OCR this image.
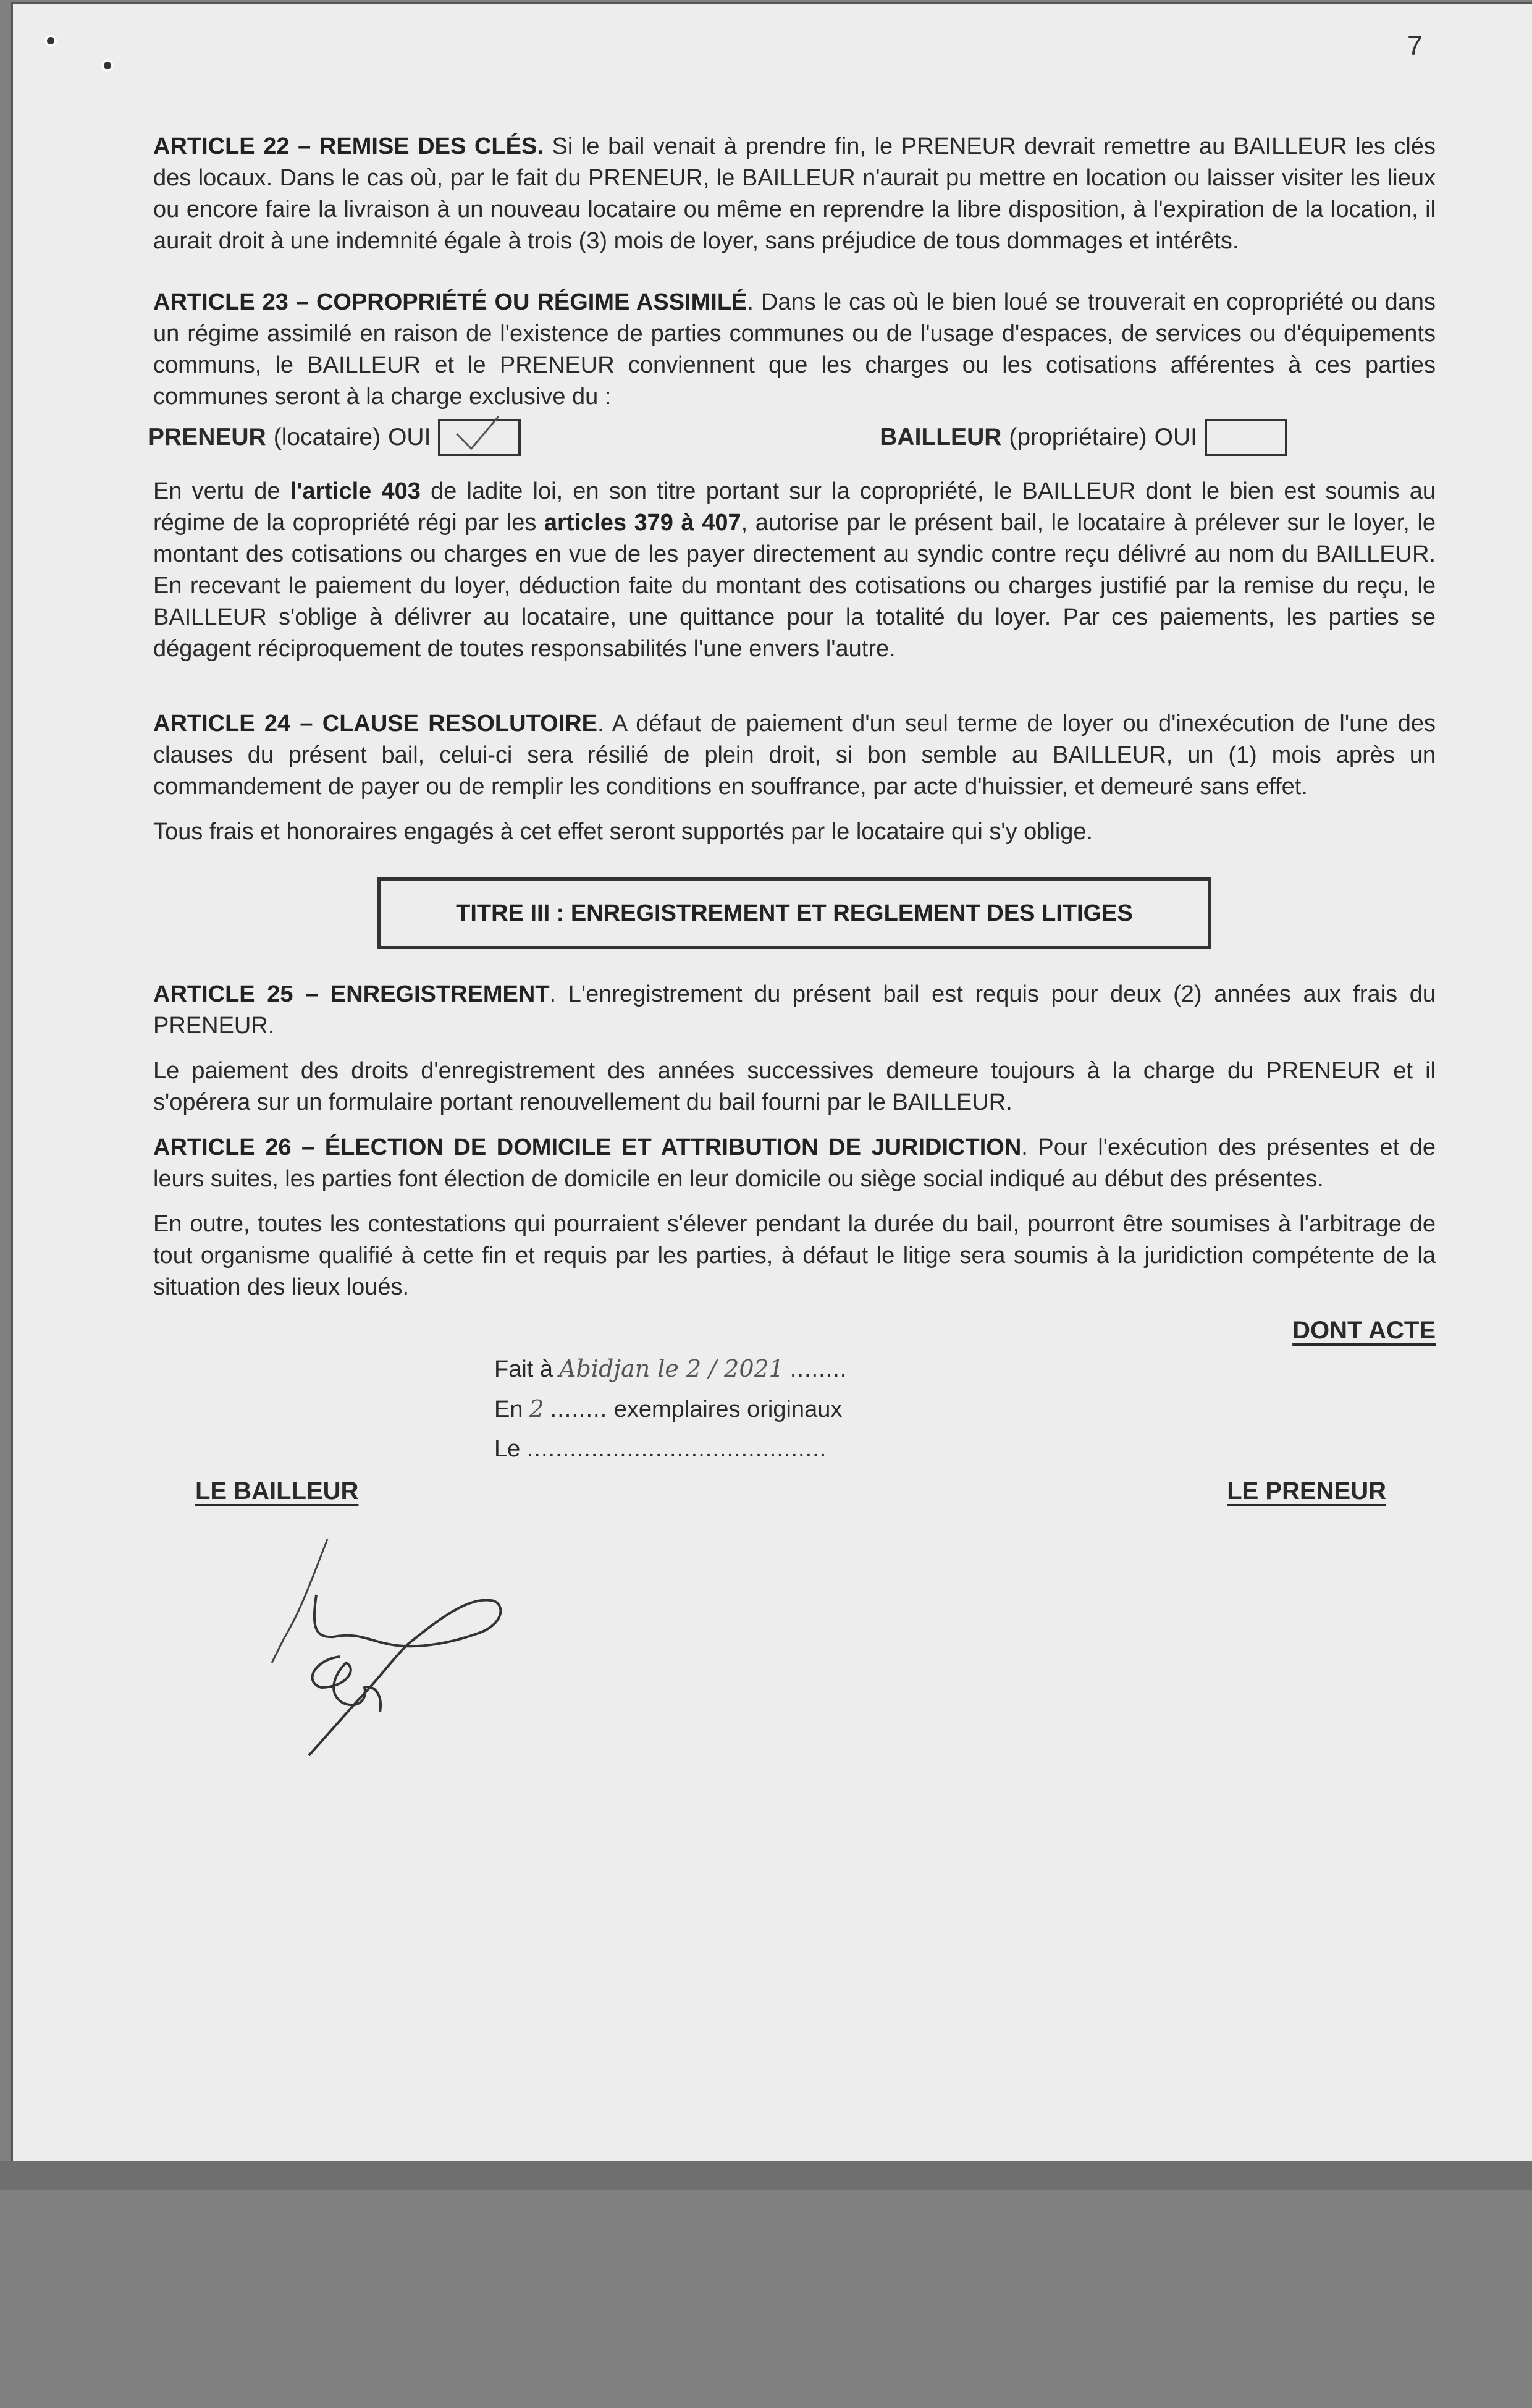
7

ARTICLE 22 – REMISE DES CLÉS. Si le bail venait à prendre fin, le PRENEUR devrait remettre au BAILLEUR les clés des locaux. Dans le cas où, par le fait du PRENEUR, le BAILLEUR n'aurait pu mettre en location ou laisser visiter les lieux ou encore faire la livraison à un nouveau locataire ou même en reprendre la libre disposition, à l'expiration de la location, il aurait droit à une indemnité égale à trois (3) mois de loyer, sans préjudice de tous dommages et intérêts.

ARTICLE 23 – COPROPRIÉTÉ OU RÉGIME ASSIMILÉ. Dans le cas où le bien loué se trouverait en copropriété ou dans un régime assimilé en raison de l'existence de parties communes ou de l'usage d'espaces, de services ou d'équipements communs, le BAILLEUR et le PRENEUR conviennent que les charges ou les cotisations afférentes à ces parties communes seront à la charge exclusive du :

PRENEUR (locataire) OUI	BAILLEUR (propriétaire) OUI

En vertu de l'article 403 de ladite loi, en son titre portant sur la copropriété, le BAILLEUR dont le bien est soumis au régime de la copropriété régi par les articles 379 à 407, autorise par le présent bail, le locataire à prélever sur le loyer, le montant des cotisations ou charges en vue de les payer directement au syndic contre reçu délivré au nom du BAILLEUR. En recevant le paiement du loyer, déduction faite du montant des cotisations ou charges justifié par la remise du reçu, le BAILLEUR s'oblige à délivrer au locataire, une quittance pour la totalité du loyer. Par ces paiements, les parties se dégagent réciproquement de toutes responsabilités l'une envers l'autre.

ARTICLE 24 – CLAUSE RESOLUTOIRE. A défaut de paiement d'un seul terme de loyer ou d'inexécution de l'une des clauses du présent bail, celui-ci sera résilié de plein droit, si bon semble au BAILLEUR, un (1) mois après un commandement de payer ou de remplir les conditions en souffrance, par acte d'huissier, et demeuré sans effet.

Tous frais et honoraires engagés à cet effet seront supportés par le locataire qui s'y oblige.

TITRE III : ENREGISTREMENT ET REGLEMENT DES LITIGES

ARTICLE 25 – ENREGISTREMENT. L'enregistrement du présent bail est requis pour deux (2) années aux frais du PRENEUR.

Le paiement des droits d'enregistrement des années successives demeure toujours à la charge du PRENEUR et il s'opérera sur un formulaire portant renouvellement du bail fourni par le BAILLEUR.

ARTICLE 26 – ÉLECTION DE DOMICILE ET ATTRIBUTION DE JURIDICTION. Pour l'exécution des présentes et de leurs suites, les parties font élection de domicile en leur domicile ou siège social indiqué au début des présentes.

En outre, toutes les contestations qui pourraient s'élever pendant la durée du bail, pourront être soumises à l'arbitrage de tout organisme qualifié à cette fin et requis par les parties, à défaut le litige sera soumis à la juridiction compétente de la situation des lieux loués.

DONT ACTE
Fait à Abidjan le 2 / 2021 ........
En 2 ........ exemplaires originaux
Le ..........................................
LE BAILLEUR	LE PRENEUR
